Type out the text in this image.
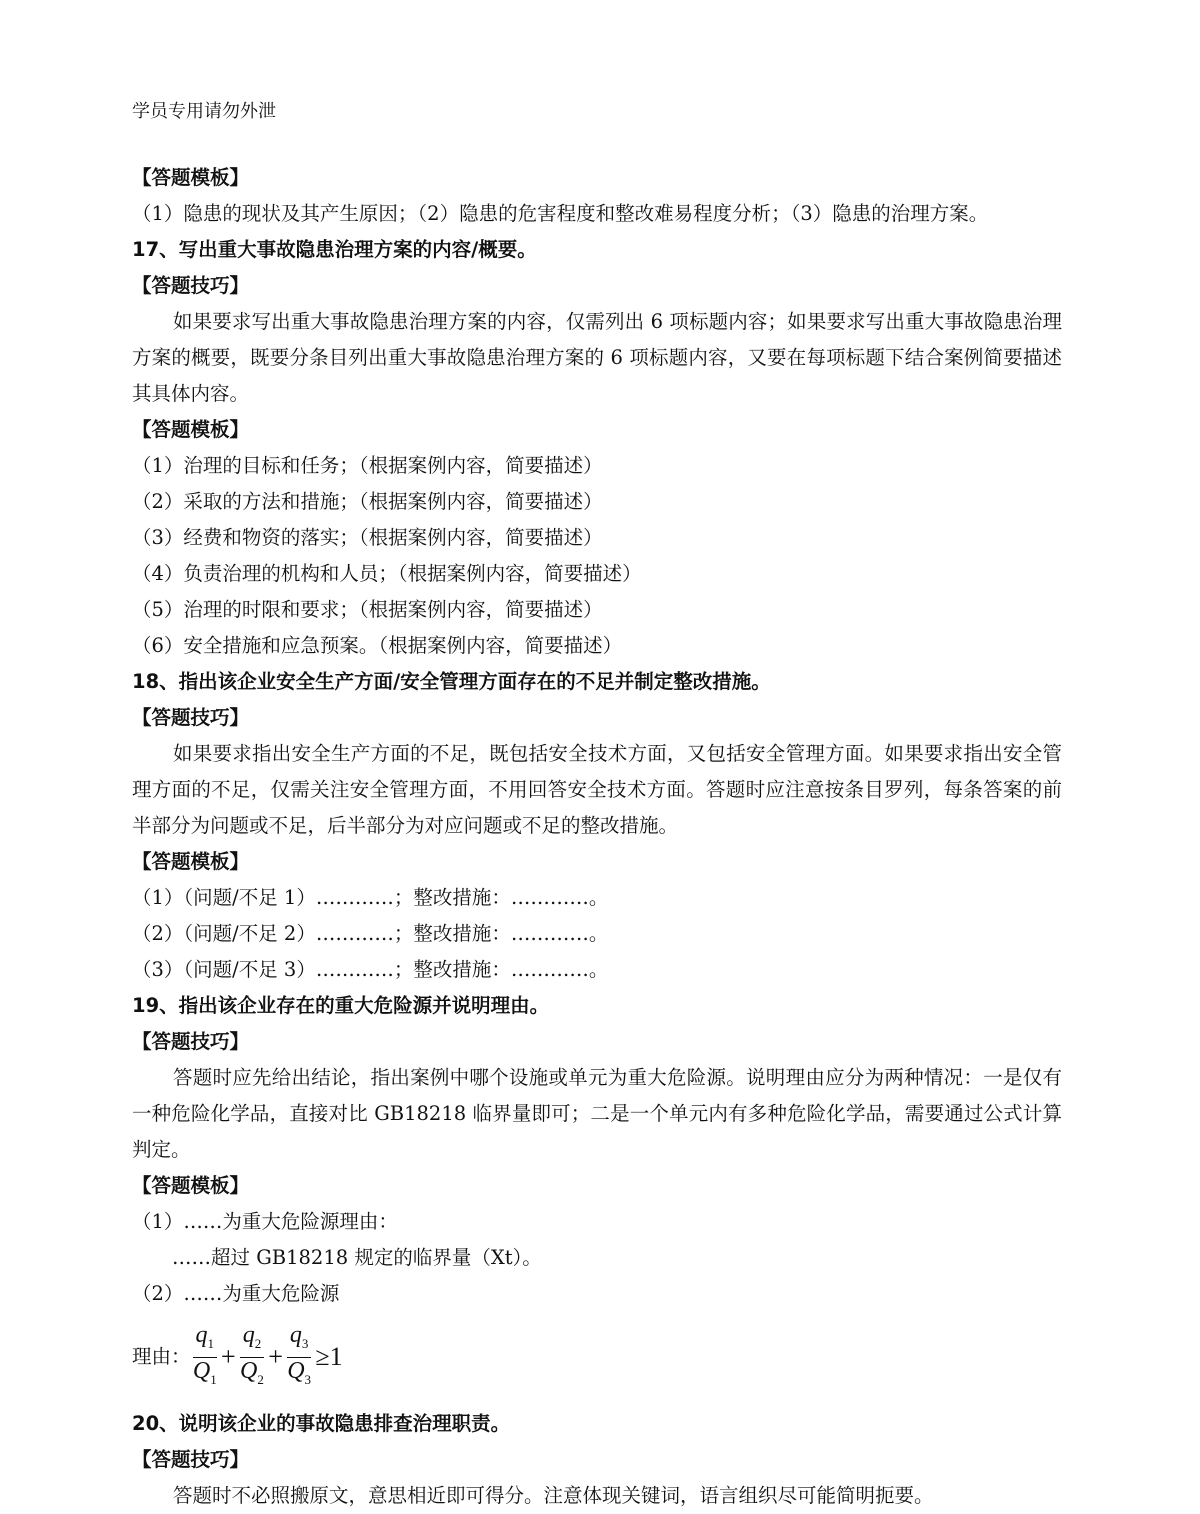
学员专用请勿外泄
【答题模板】
（1）隐患的现状及其产生原因；（2）隐患的危害程度和整改难易程度分析；（3）隐患的治理方案。
17、写出重大事故隐患治理方案的内容/概要。
【答题技巧】
如果要求写出重大事故隐患治理方案的内容，仅需列出 6 项标题内容；如果要求写出重大事故隐患治理方案的概要，既要分条目列出重大事故隐患治理方案的 6 项标题内容，又要在每项标题下结合案例简要描述其具体内容。
【答题模板】
（1）治理的目标和任务；（根据案例内容，简要描述）
（2）采取的方法和措施；（根据案例内容，简要描述）
（3）经费和物资的落实；（根据案例内容，简要描述）
（4）负责治理的机构和人员；（根据案例内容，简要描述）
（5）治理的时限和要求；（根据案例内容，简要描述）
（6）安全措施和应急预案。（根据案例内容，简要描述）
18、指出该企业安全生产方面/安全管理方面存在的不足并制定整改措施。
【答题技巧】
如果要求指出安全生产方面的不足，既包括安全技术方面，又包括安全管理方面。如果要求指出安全管理方面的不足，仅需关注安全管理方面，不用回答安全技术方面。答题时应注意按条目罗列，每条答案的前半部分为问题或不足，后半部分为对应问题或不足的整改措施。
【答题模板】
（1）（问题/不足 1）…………；整改措施：…………。
（2）（问题/不足 2）…………；整改措施：…………。
（3）（问题/不足 3）…………；整改措施：…………。
19、指出该企业存在的重大危险源并说明理由。
【答题技巧】
答题时应先给出结论，指出案例中哪个设施或单元为重大危险源。说明理由应分为两种情况：一是仅有一种危险化学品，直接对比 GB18218 临界量即可；二是一个单元内有多种危险化学品，需要通过公式计算判定。
【答题模板】
（1）……为重大危险源理由：
……超过 GB18218 规定的临界量（Xt）。
（2）……为重大危险源
理由： $\frac{q_1}{Q_1} + \frac{q_2}{Q_2} + \frac{q_3}{Q_3} \ge 1$
20、说明该企业的事故隐患排查治理职责。
【答题技巧】
答题时不必照搬原文，意思相近即可得分。注意体现关键词，语言组织尽可能简明扼要。
